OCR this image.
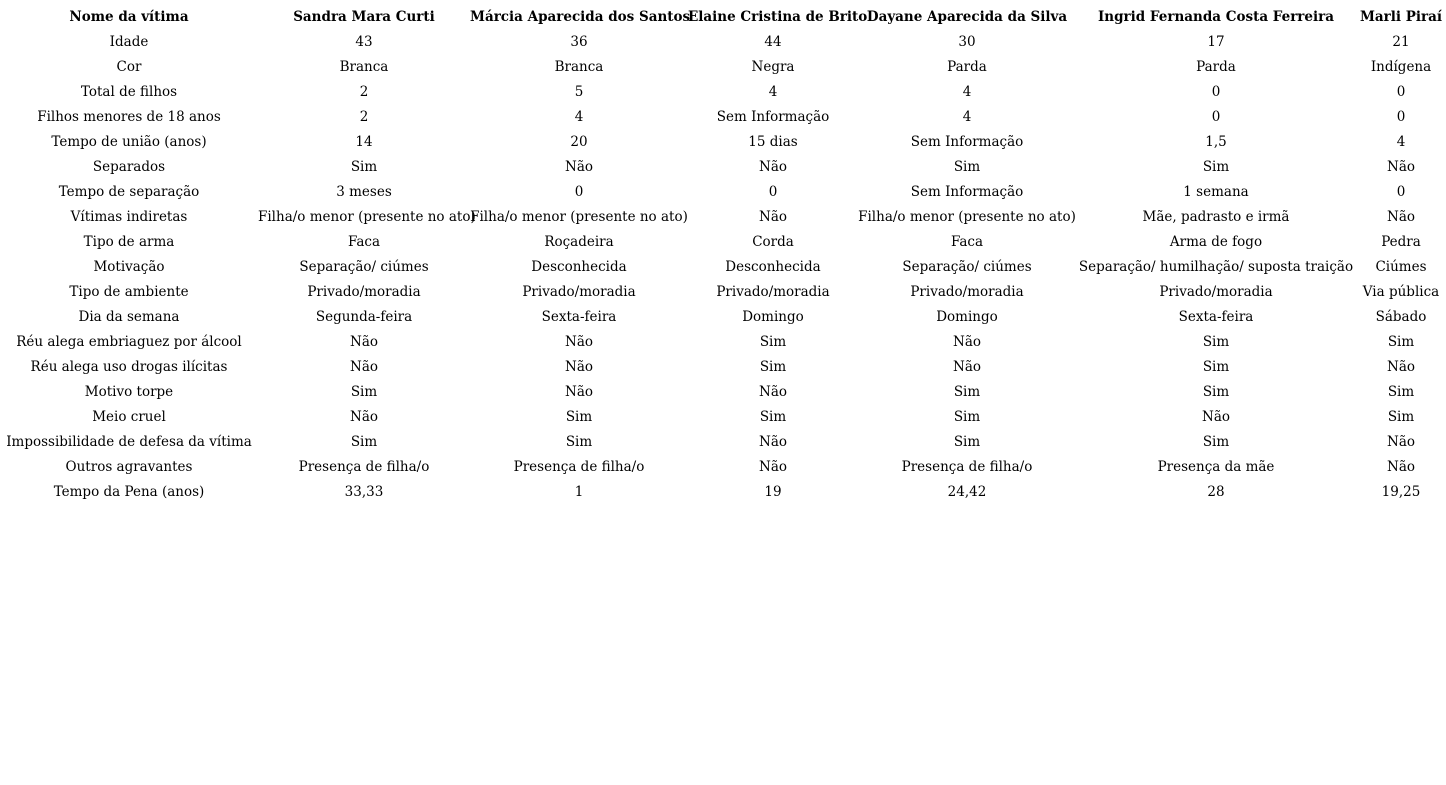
Nome da vítima	Sandra Mara Curti	Márcia Aparecida dos Santos	Elaine Cristina de Brito	Dayane Aparecida da Silva	Ingrid Fernanda Costa Ferreira	Marli Piraí
Idade	43	36	44	30	17	21
Cor	Branca	Branca	Negra	Parda	Parda	Indígena
Total de filhos	2	5	4	4	0	0
Filhos menores de 18 anos	2	4	Sem Informação	4	0	0
Tempo de união (anos)	14	20	15 dias	Sem Informação	1,5	4
Separados	Sim	Não	Não	Sim	Sim	Não
Tempo de separação	3 meses	0	0	Sem Informação	1 semana	0
Vítimas indiretas	Filha/o menor (presente no ato)	Filha/o menor (presente no ato)	Não	Filha/o menor (presente no ato)	Mãe, padrasto e irmã	Não
Tipo de arma	Faca	Roçadeira	Corda	Faca	Arma de fogo	Pedra
Motivação	Separação/ ciúmes	Desconhecida	Desconhecida	Separação/ ciúmes	Separação/ humilhação/ suposta traição	Ciúmes
Tipo de ambiente	Privado/moradia	Privado/moradia	Privado/moradia	Privado/moradia	Privado/moradia	Via pública
Dia da semana	Segunda-feira	Sexta-feira	Domingo	Domingo	Sexta-feira	Sábado
Réu alega embriaguez por álcool	Não	Não	Sim	Não	Sim	Sim
Réu alega uso drogas ilícitas	Não	Não	Sim	Não	Sim	Não
Motivo torpe	Sim	Não	Não	Sim	Sim	Sim
Meio cruel	Não	Sim	Sim	Sim	Não	Sim
Impossibilidade de defesa da vítima	Sim	Sim	Não	Sim	Sim	Não
Outros agravantes	Presença de filha/o	Presença de filha/o	Não	Presença de filha/o	Presença da mãe	Não
Tempo da Pena (anos)	33,33	1	19	24,42	28	19,25
